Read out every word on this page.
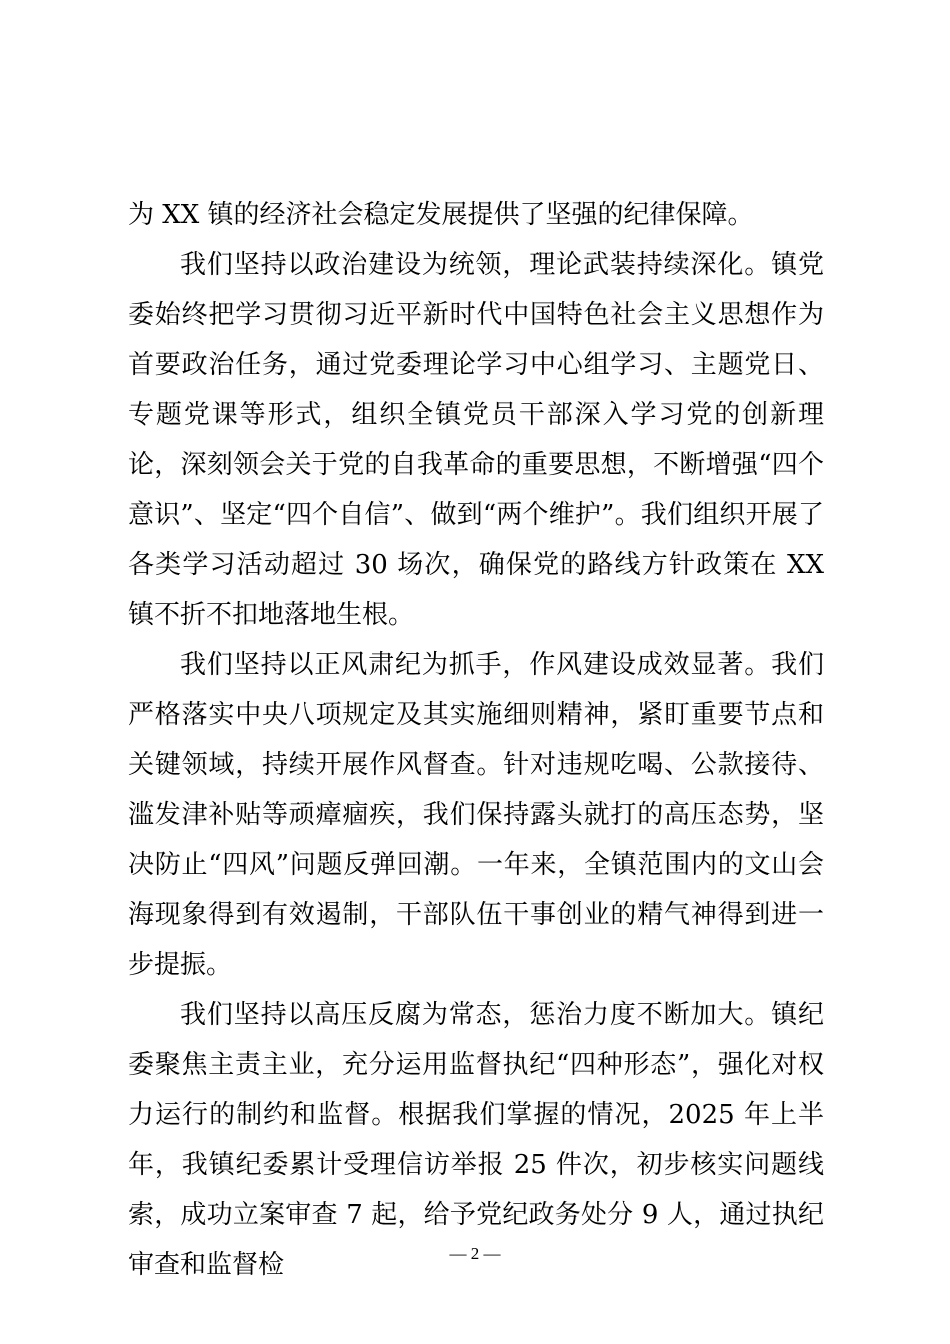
为 XX 镇的经济社会稳定发展提供了坚强的纪律保障。

我们坚持以政治建设为统领，理论武装持续深化。镇党委始终把学习贯彻习近平新时代中国特色社会主义思想作为首要政治任务，通过党委理论学习中心组学习、主题党日、专题党课等形式，组织全镇党员干部深入学习党的创新理论，深刻领会关于党的自我革命的重要思想，不断增强“四个意识”、坚定“四个自信”、做到“两个维护”。我们组织开展了各类学习活动超过 30 场次，确保党的路线方针政策在 XX 镇不折不扣地落地生根。

我们坚持以正风肃纪为抓手，作风建设成效显著。我们严格落实中央八项规定及其实施细则精神，紧盯重要节点和关键领域，持续开展作风督查。针对违规吃喝、公款接待、滥发津补贴等顽瘴痼疾，我们保持露头就打的高压态势，坚决防止“四风”问题反弹回潮。一年来，全镇范围内的文山会海现象得到有效遏制，干部队伍干事创业的精气神得到进一步提振。

我们坚持以高压反腐为常态，惩治力度不断加大。镇纪委聚焦主责主业，充分运用监督执纪“四种形态”，强化对权力运行的制约和监督。根据我们掌握的情况，2025 年上半年，我镇纪委累计受理信访举报 25 件次，初步核实问题线索，成功立案审查 7 起，给予党纪政务处分 9 人，通过执纪审查和监督检	— 2 —
